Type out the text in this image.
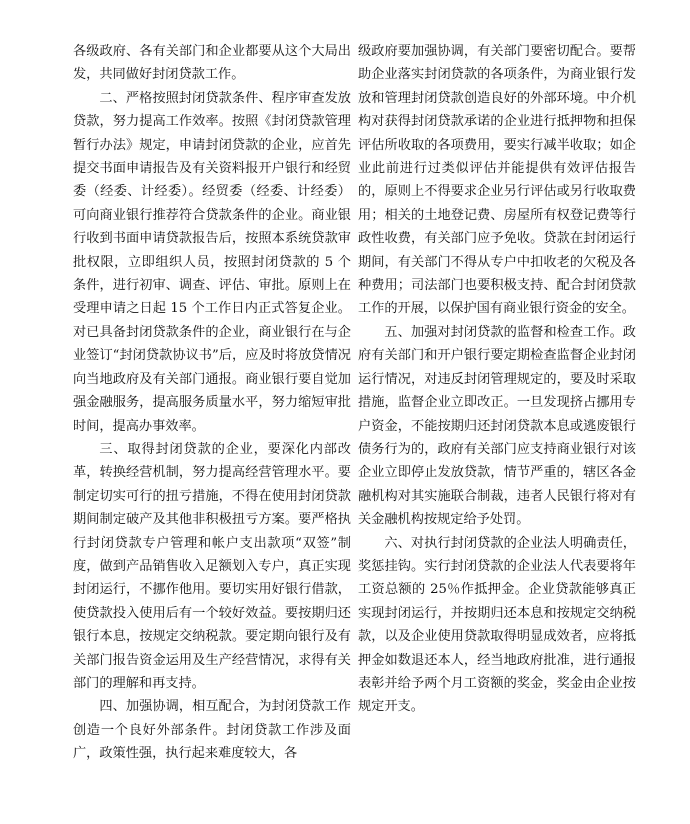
各级政府、各有关部门和企业都要从这个大局出发，共同做好封闭贷款工作。

二、严格按照封闭贷款条件、程序审查发放贷款，努力提高工作效率。按照《封闭贷款管理暂行办法》规定，申请封闭贷款的企业，应首先提交书面申请报告及有关资料报开户银行和经贸委（经委、计经委）。经贸委（经委、计经委）可向商业银行推荐符合贷款条件的企业。商业银行收到书面申请贷款报告后，按照本系统贷款审批权限，立即组织人员，按照封闭贷款的 5 个条件，进行初审、调查、评估、审批。原则上在受理申请之日起 15 个工作日内正式答复企业。对已具备封闭贷款条件的企业，商业银行在与企业签订“封闭贷款协议书”后，应及时将放贷情况向当地政府及有关部门通报。商业银行要自觉加强金融服务，提高服务质量水平，努力缩短审批时间，提高办事效率。

三、取得封闭贷款的企业，要深化内部改革，转换经营机制，努力提高经营管理水平。要制定切实可行的扭亏措施，不得在使用封闭贷款期间制定破产及其他非积极扭亏方案。要严格执行封闭贷款专户管理和帐户支出款项“双签”制度，做到产品销售收入足额划入专户，真正实现封闭运行，不挪作他用。要切实用好银行借款，使贷款投入使用后有一个较好效益。要按期归还银行本息，按规定交纳税款。要定期向银行及有关部门报告资金运用及生产经营情况，求得有关部门的理解和再支持。

四、加强协调，相互配合，为封闭贷款工作创造一个良好外部条件。封闭贷款工作涉及面广，政策性强，执行起来难度较大，各

级政府要加强协调，有关部门要密切配合。要帮助企业落实封闭贷款的各项条件，为商业银行发放和管理封闭贷款创造良好的外部环境。中介机构对获得封闭贷款承诺的企业进行抵押物和担保评估所收取的各项费用，要实行减半收取；如企业此前进行过类似评估并能提供有效评估报告的，原则上不得要求企业另行评估或另行收取费用；相关的土地登记费、房屋所有权登记费等行政性收费，有关部门应予免收。贷款在封闭运行期间，有关部门不得从专户中扣收老的欠税及各种费用；司法部门也要积极支持、配合封闭贷款工作的开展，以保护国有商业银行资金的安全。

五、加强对封闭贷款的监督和检查工作。政府有关部门和开户银行要定期检查监督企业封闭运行情况，对违反封闭管理规定的，要及时采取措施，监督企业立即改正。一旦发现挤占挪用专户资金，不能按期归还封闭贷款本息或逃废银行债务行为的，政府有关部门应支持商业银行对该企业立即停止发放贷款，情节严重的，辖区各金融机构对其实施联合制裁，违者人民银行将对有关金融机构按规定给予处罚。

六、对执行封闭贷款的企业法人明确责任，奖惩挂钩。实行封闭贷款的企业法人代表要将年工资总额的 25％作抵押金。企业贷款能够真正实现封闭运行，并按期归还本息和按规定交纳税款，以及企业使用贷款取得明显成效者，应将抵押金如数退还本人，经当地政府批准，进行通报表彰并给予两个月工资额的奖金，奖金由企业按规定开支。
